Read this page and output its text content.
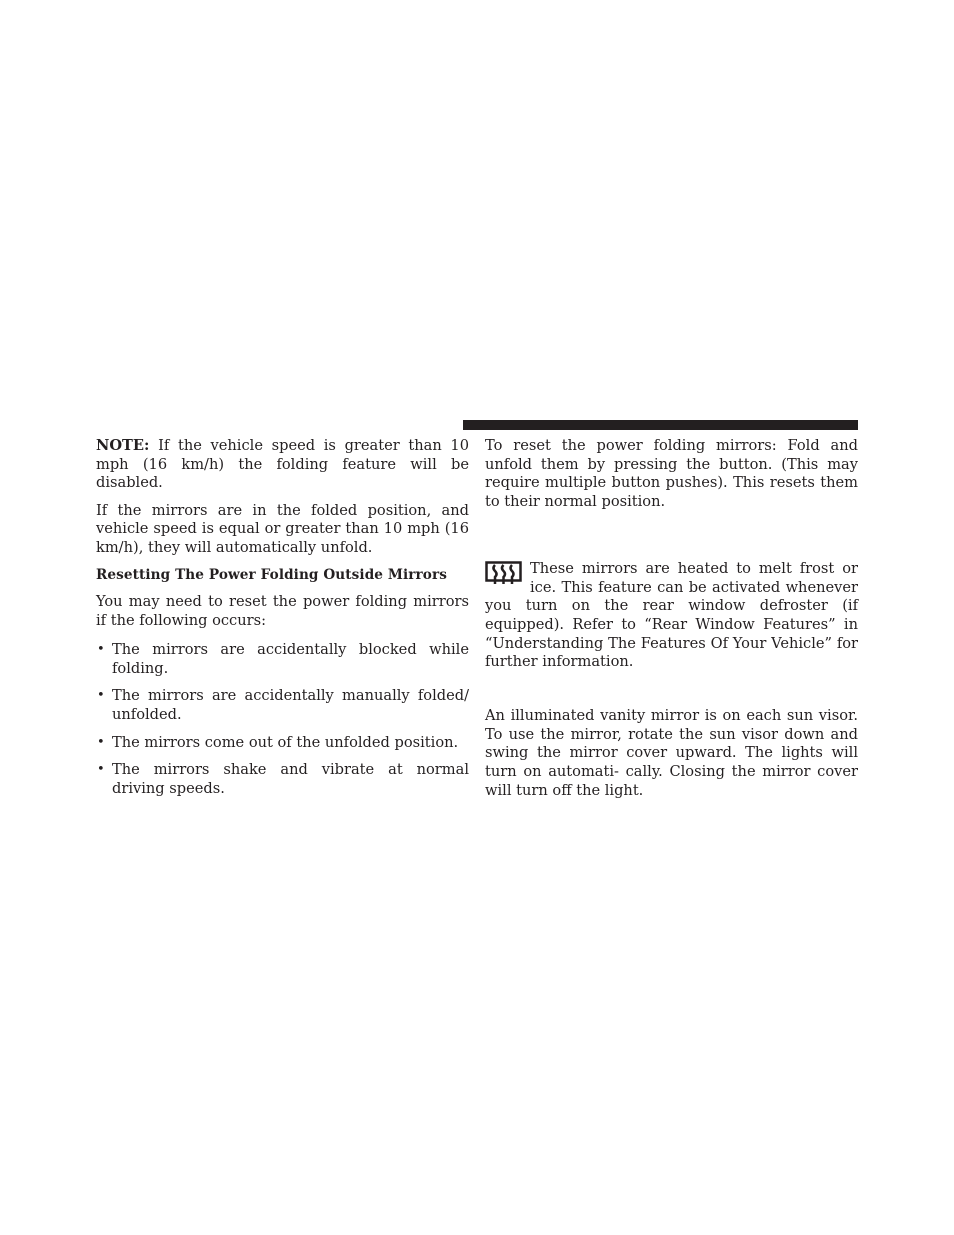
NOTE: If the vehicle speed is greater than 10 mph (16 km/h) the folding feature will be disabled.

If the mirrors are in the folded position, and vehicle speed is equal or greater than 10 mph (16 km/h), they will automatically unfold.

Resetting The Power Folding Outside Mirrors

You may need to reset the power folding mirrors if the following occurs:

• The mirrors are accidentally blocked while folding.
• The mirrors are accidentally manually folded/ unfolded.
• The mirrors come out of the unfolded position.
• The mirrors shake and vibrate at normal driving speeds.

To reset the power folding mirrors: Fold and unfold them by pressing the button. (This may require multiple button pushes). This resets them to their normal position.

These mirrors are heated to melt frost or ice. This feature can be activated whenever you turn on the rear window defroster (if equipped). Refer to “Rear Window Features” in “Understanding The Features Of Your Vehicle” for further information.

An illuminated vanity mirror is on each sun visor. To use the mirror, rotate the sun visor down and swing the mirror cover upward. The lights will turn on automati- cally. Closing the mirror cover will turn off the light.
